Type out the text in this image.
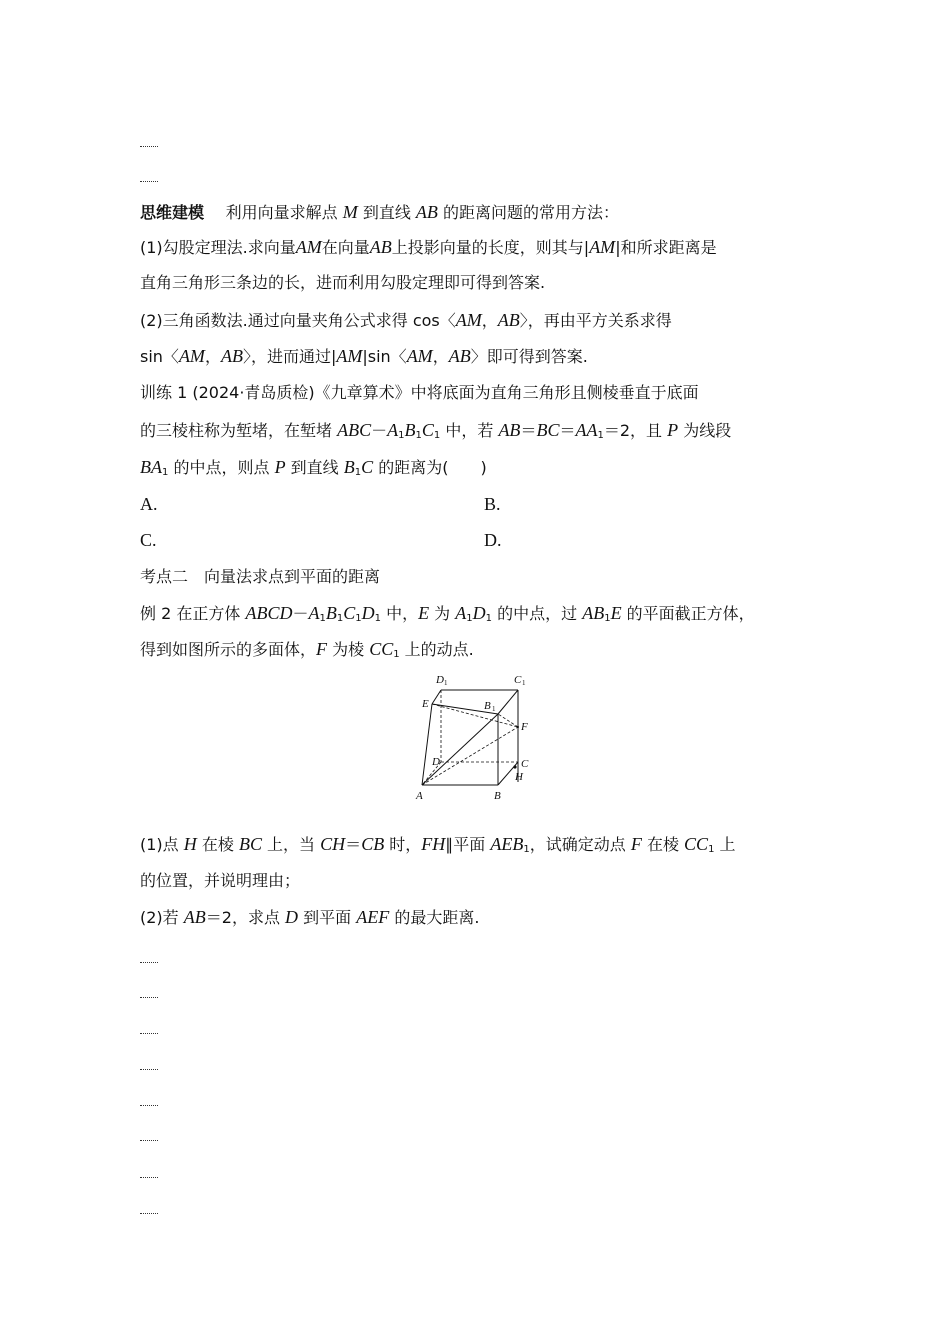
思维建模 利用向量求解点 M 到直线 AB 的距离问题的常用方法：
(1)勾股定理法.求向量AM在向量AB上投影向量的长度，则其与|AM|和所求距离是
直角三角形三条边的长，进而利用勾股定理即可得到答案.
(2)三角函数法.通过向量夹角公式求得 cos〈AM，AB〉，再由平方关系求得
sin〈AM，AB〉，进而通过|AM|sin〈AM，AB〉即可得到答案.
训练 1 (2024·青岛质检)《九章算术》中将底面为直角三角形且侧棱垂直于底面
的三棱柱称为堑堵，在堑堵 $ABC-A_1B_1C_1$ 中，若 $AB=BC=AA_1=2$，且 P 为线段
$BA_1$ 的中点，则点 P 到直线 $B_1C$ 的距离为(　　)
A.	B.
C.	D.
考点二　向量法求点到平面的距离
例 2 在正方体 $ABCD-A_1B_1C_1D_1$ 中，E 为 $A_1D_1$ 的中点，过 $AB_1E$ 的平面截正方体，
得到如图所示的多面体，F 为棱 $CC_1$ 上的动点.
D 1	C 1
E	B 1
F
D	C
H
A	B
(1)点 H 在棱 BC 上，当 CH＝CB 时，FH∥平面 $AEB_1$，试确定动点 F 在棱 $CC_1$ 上
的位置，并说明理由；
(2)若 AB＝2，求点 D 到平面 AEF 的最大距离.
